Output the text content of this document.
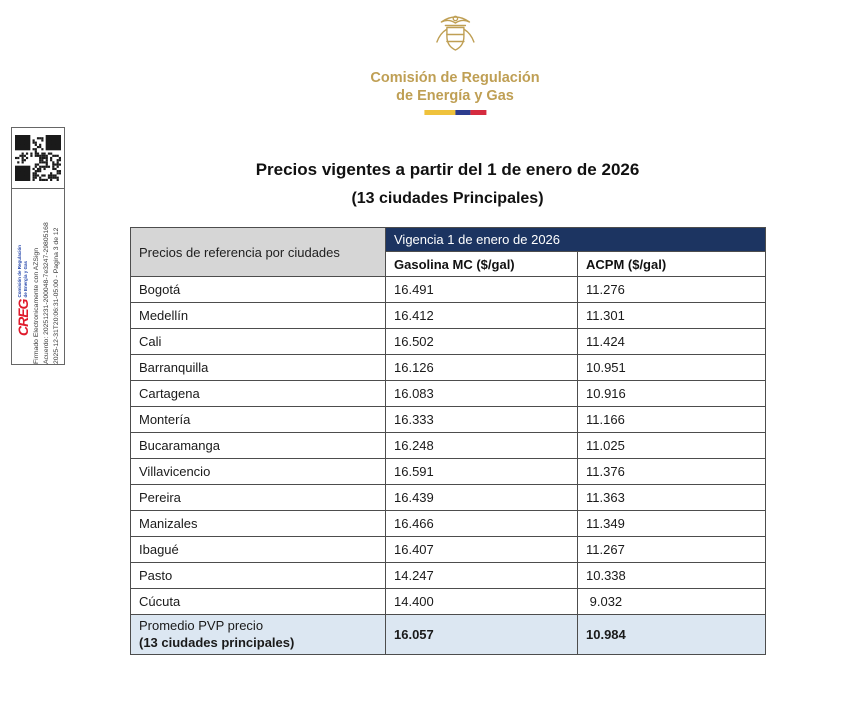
Comisión de Regulación
de Energía y Gas
CREG
Comisión de Regulación
de Energía y Gas Firmado Electronicamente con AZSign Acuerdo: 20251231-200048-7e3247-29805168 2025-12-31T20:06:31-05:00 - Pagina 3 de 12
Precios vigentes a partir del 1 de enero de 2026
(13 ciudades Principales)
Precios de referencia por ciudades	Vigencia 1 de enero de 2026	
	Gasolina MC ($/gal)	ACPM ($/gal)
Bogotá	16.491	11.276
Medellín	16.412	11.301
Cali	16.502	11.424
Barranquilla	16.126	10.951
Cartagena	16.083	10.916
Montería	16.333	11.166
Bucaramanga	16.248	11.025
Villavicencio	16.591	11.376
Pereira	16.439	11.363
Manizales	16.466	11.349
Ibagué	16.407	11.267
Pasto	14.247	10.338
Cúcuta	14.400	9.032

Promedio PVP precio
(13 ciudades principales)	16.057	10.984
